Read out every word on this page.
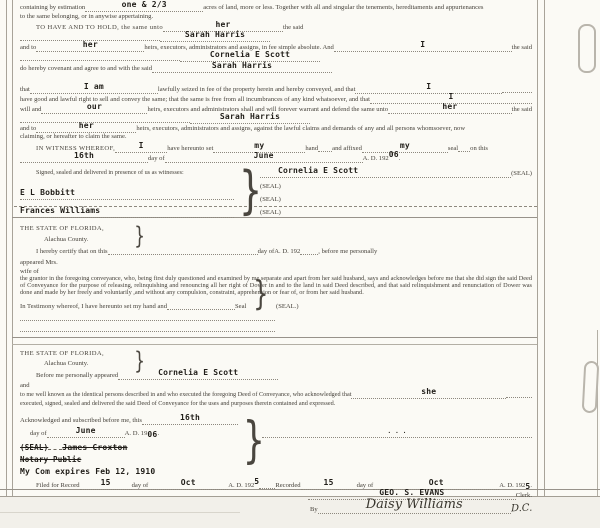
containing by estimation	one & 2/3	acres of land, more or less. Together with all and singular the tenements, hereditaments and appurtenances
to the same belonging, or in anywise appertaining.
TO HAVE AND TO HOLD, the same unto	her	the said
Sarah Harris
and to	her	heirs, executors, administrators and assigns, in fee simple absolute. And	I	the said
Cornelia E Scott
do hereby covenant and agree to and with the said	Sarah Harris
that	I am	lawfully seized in fee of the property herein and hereby conveyed, and that	I
have good and lawful right to sell and convey the same; that the same is free from all incumbrances of any kind whatsoever, and that	I
will and	our	heirs, executors and administrators shall and will forever warrant and defend the same unto	her	the said
Sarah Harris
and to	her	heirs, executors, administrators and assigns, against the lawful claims and demands of any and all persons whomsoever, now
claiming, or hereafter to claim the same.
IN WITNESS WHEREOF,	I	have hereunto set	my	hand and affixed	my	seal on this
16th	day of	June	A. D. 192 06 .
Signed, sealed and delivered in presence of us as witnesses:
E L Bobbitt
Frances Williams	}	Cornelia E Scott	(SEAL)
(SEAL)
(SEAL)
(SEAL)
}
THE STATE OF FLORIDA,
Alachua County.
I hereby certify that on this	day of A. D. 192	, before me personally
appeared Mrs.
wife of
the grantor in the foregoing conveyance, who, being first duly questioned and examined by me separate and apart from her said husband, says and acknowledges before me that she did sign the said Deed of Conveyance for the purpose of releasing, relinquishing and renouncing all her right of Dower in and to the land in said Deed described, and that said relinquishment and renunciation of Dower was done and made by her freely and voluntarily ,and without any compulsion, constraint, apprehension or fear of, or from her said husband.
In Testimony whereof, I have hereunto set my hand and	Seal } (SEAL.)
}
THE STATE OF FLORIDA,
Alachua County.
Before me personally appeared	Cornelia E Scott
and
to me well known as the identical persons described in and who executed the foregoing Deed of Conveyance, who acknowledged that	she
executed, signed, sealed and delivered the said Deed of Conveyance for the uses and purposes therein contained and expressed.
Acknowledged and subscribed before me, this	16th
day of	June	A. D. 19 06 .
(SEAL) James Croxton
Notary Public
My Com expires Feb 12, 1910
}	. . .
Filed for Record	15	day of	Oct	A. D. 192 5 Recorded	15	day of	Oct	A. D. 192 5 .
GEO. S. EVANS	Clerk.
By	Daisy Williams	D.C.
